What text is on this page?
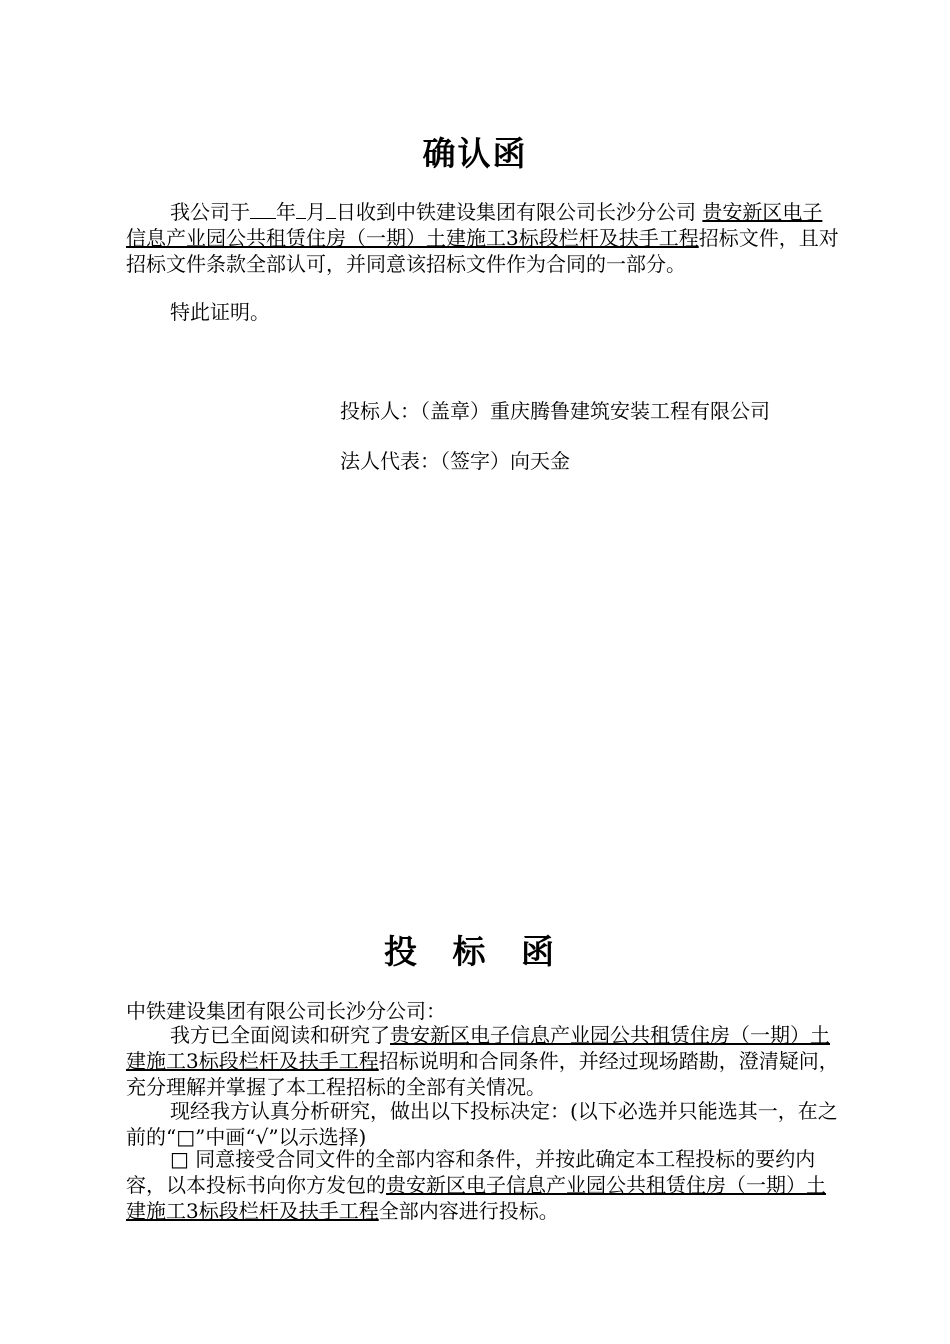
确认函
我公司于 年 月 日收到中铁建设集团有限公司长沙分公司 贵安新区电子信息产业园公共租赁住房（一期）土建施工3标段栏杆及扶手工程招标文件，且对招标文件条款全部认可，并同意该招标文件作为合同的一部分。
特此证明。
投标人：（盖章）重庆腾鲁建筑安装工程有限公司
法人代表：（签字）向天金
投 标 函
中铁建设集团有限公司长沙分公司：
我方已全面阅读和研究了贵安新区电子信息产业园公共租赁住房（一期）土建施工3标段栏杆及扶手工程招标说明和合同条件，并经过现场踏勘，澄清疑问，充分理解并掌握了本工程招标的全部有关情况。
现经我方认真分析研究，做出以下投标决定：(以下必选并只能选其一，在之前的“□”中画“√”以示选择)
□ 同意接受合同文件的全部内容和条件，并按此确定本工程投标的要约内容，以本投标书向你方发包的贵安新区电子信息产业园公共租赁住房（一期）土建施工3标段栏杆及扶手工程全部内容进行投标。
